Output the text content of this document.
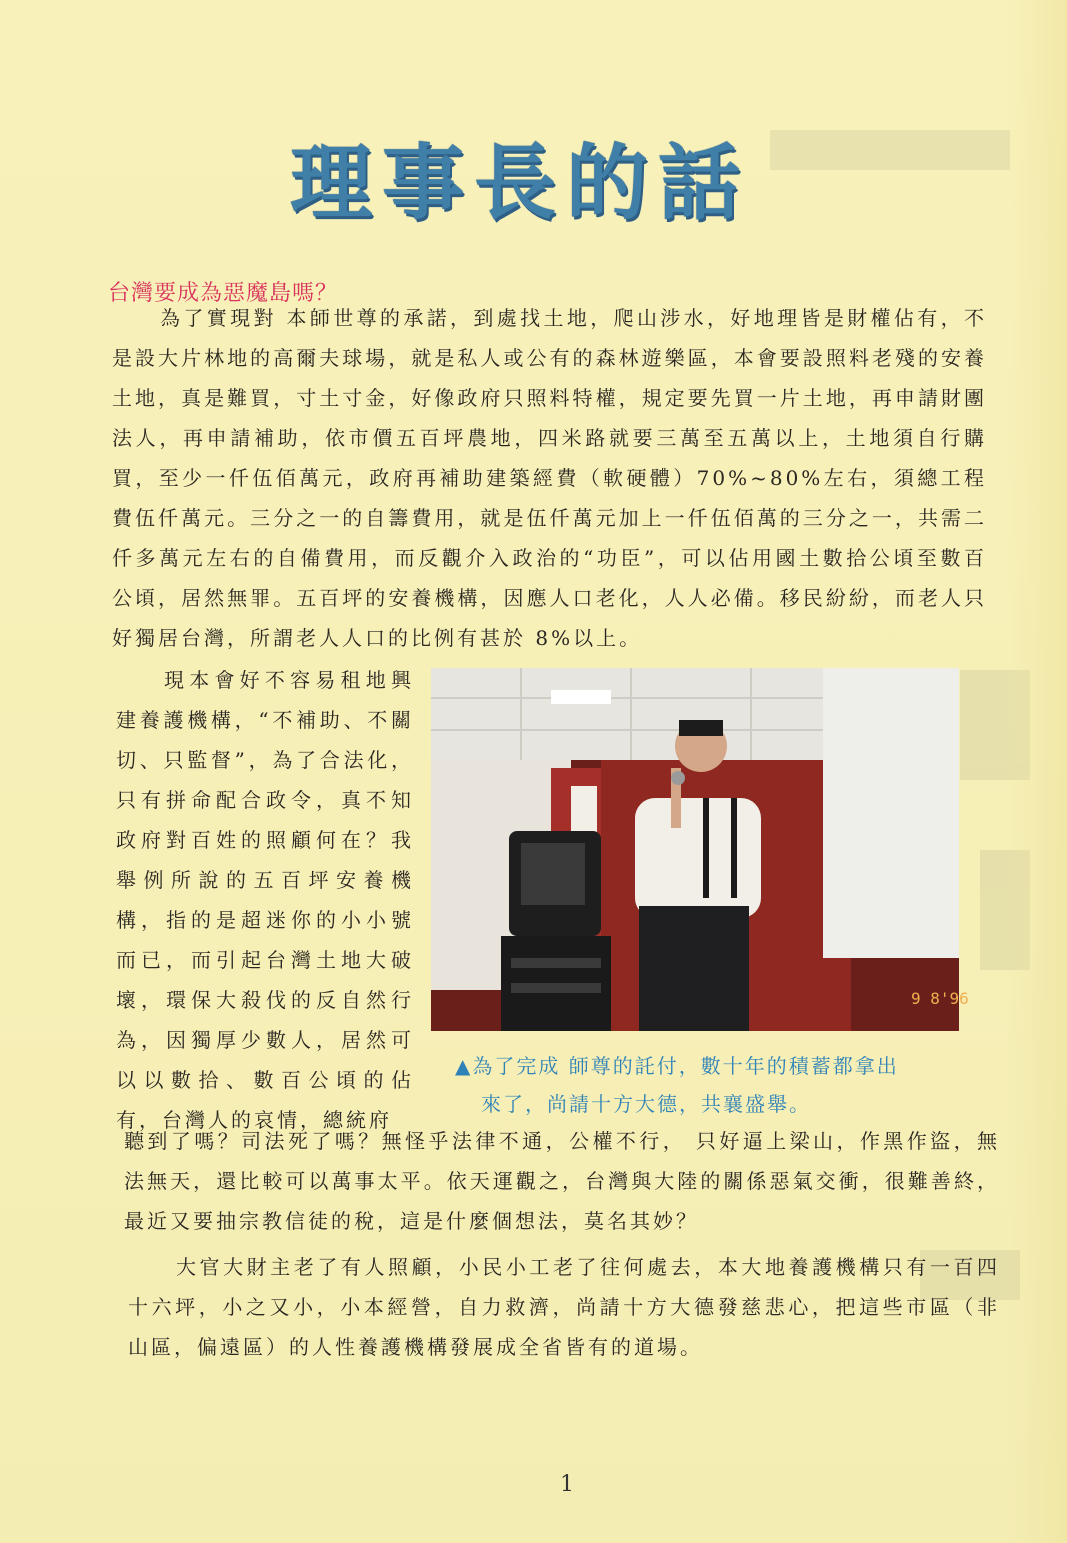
理事長的話
台灣要成為惡魔島嗎？
為了實現對 本師世尊的承諾，到處找土地，爬山涉水，好地理皆是財權佔有，不是設大片林地的高爾夫球場，就是私人或公有的森林遊樂區，本會要設照料老殘的安養土地，真是難買，寸土寸金，好像政府只照料特權，規定要先買一片土地，再申請財團法人，再申請補助，依市價五百坪農地，四米路就要三萬至五萬以上，土地須自行購買，至少一仟伍佰萬元，政府再補助建築經費（軟硬體）70%~80%左右，須總工程費伍仟萬元。三分之一的自籌費用，就是伍仟萬元加上一仟伍佰萬的三分之一，共需二仟多萬元左右的自備費用，而反觀介入政治的“功臣”，可以佔用國土數拾公頃至數百公頃，居然無罪。五百坪的安養機構，因應人口老化，人人必備。移民紛紛，而老人只好獨居台灣，所謂老人人口的比例有甚於 8%以上。
現本會好不容易租地興建養護機構，“不補助、不關切、只監督”，為了合法化，只有拼命配合政令，真不知政府對百姓的照顧何在？我舉例所說的五百坪安養機構，指的是超迷你的小小號而已，而引起台灣土地大破壞，環保大殺伐的反自然行為，因獨厚少數人，居然可以以數拾、數百公頃的佔有，台灣人的哀情，總統府
聽到了嗎？司法死了嗎？無怪乎法律不通，公權不行， 只好逼上梁山，作黑作盜，無法無天，還比較可以萬事太平。依天運觀之，台灣與大陸的關係惡氣交衝，很難善終，最近又要抽宗教信徒的稅，這是什麼個想法，莫名其妙？
大官大財主老了有人照顧，小民小工老了往何處去，本大地養護機構只有一百四十六坪，小之又小，小本經營，自力救濟，尚請十方大德發慈悲心，把這些市區（非山區，偏遠區）的人性養護機構發展成全省皆有的道場。
9 8'96
▲為了完成 師尊的託付，數十年的積蓄都拿出
來了，尚請十方大德，共襄盛舉。
1
